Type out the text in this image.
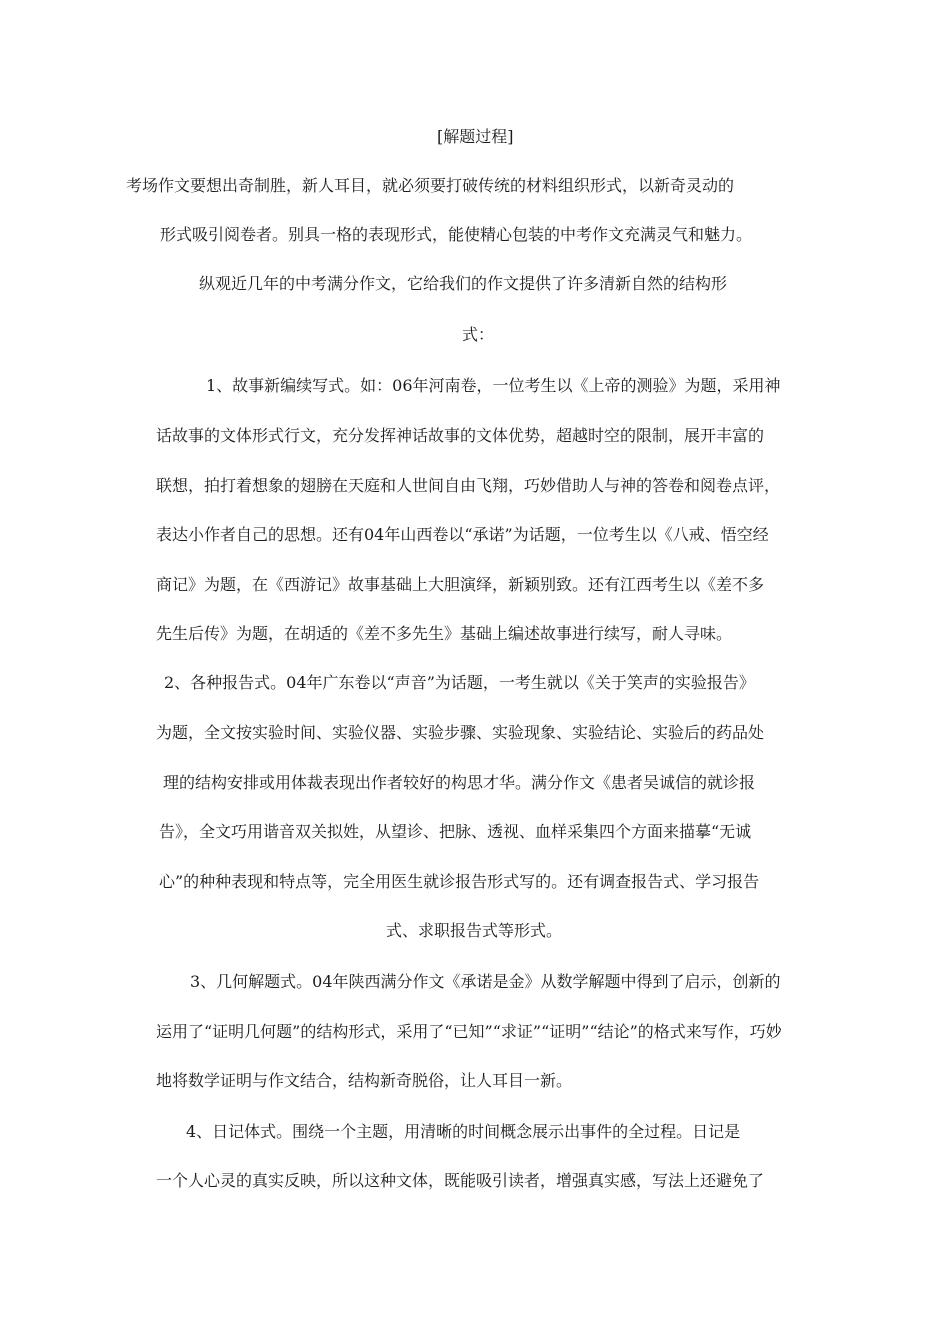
[解题过程]
考场作文要想出奇制胜，新人耳目，就必须要打破传统的材料组织形式，以新奇灵动的
形式吸引阅卷者。别具一格的表现形式，能使精心包装的中考作文充满灵气和魅力。
纵观近几年的中考满分作文，它给我们的作文提供了许多清新自然的结构形
式：
1、故事新编续写式。如：06年河南卷，一位考生以《上帝的测验》为题，采用神
话故事的文体形式行文，充分发挥神话故事的文体优势，超越时空的限制，展开丰富的
联想，拍打着想象的翅膀在天庭和人世间自由飞翔，巧妙借助人与神的答卷和阅卷点评，
表达小作者自己的思想。还有04年山西卷以“承诺”为话题，一位考生以《八戒、悟空经
商记》为题，在《西游记》故事基础上大胆演绎，新颖别致。还有江西考生以《差不多
先生后传》为题，在胡适的《差不多先生》基础上编述故事进行续写，耐人寻味。
2、各种报告式。04年广东卷以“声音”为话题，一考生就以《关于笑声的实验报告》
为题，全文按实验时间、实验仪器、实验步骤、实验现象、实验结论、实验后的药品处
理的结构安排或用体裁表现出作者较好的构思才华。满分作文《患者吴诚信的就诊报
告》，全文巧用谐音双关拟姓，从望诊、把脉、透视、血样采集四个方面来描摹“无诚
心”的种种表现和特点等，完全用医生就诊报告形式写的。还有调查报告式、学习报告
式、求职报告式等形式。
3、几何解题式。04年陕西满分作文《承诺是金》从数学解题中得到了启示，创新的
运用了“证明几何题”的结构形式，采用了“已知”“求证”“证明”“结论”的格式来写作，巧妙
地将数学证明与作文结合，结构新奇脱俗，让人耳目一新。
4、日记体式。围绕一个主题，用清晰的时间概念展示出事件的全过程。日记是
一个人心灵的真实反映，所以这种文体，既能吸引读者，增强真实感，写法上还避免了
